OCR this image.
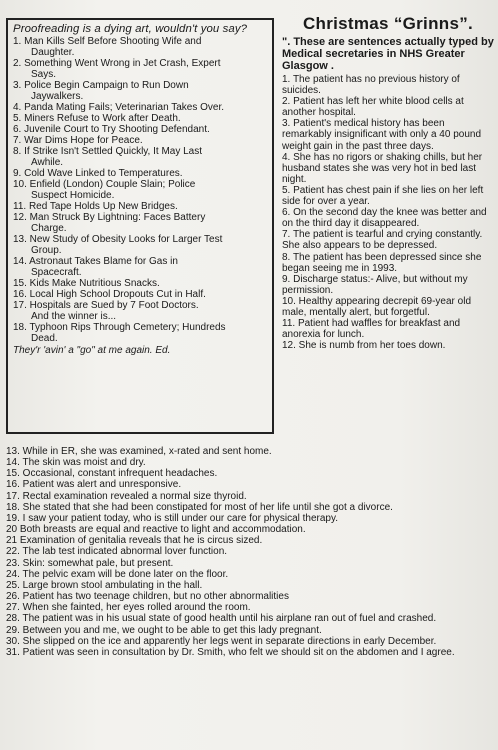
Proofreading is a dying art, wouldn't you say?
1. Man Kills Self Before Shooting Wife and
Daughter.
2. Something Went Wrong in Jet Crash, Expert
Says.
3. Police Begin Campaign to Run Down
Jaywalkers.
4. Panda Mating Fails; Veterinarian Takes Over.
5. Miners Refuse to Work after Death.
6. Juvenile Court to Try Shooting Defendant.
7. War Dims Hope for Peace.
8. If Strike Isn't Settled Quickly, It May Last
Awhile.
9. Cold Wave Linked to Temperatures.
10. Enfield (London) Couple Slain; Police
Suspect Homicide.
11. Red Tape Holds Up New Bridges.
12. Man Struck By Lightning: Faces Battery
Charge.
13. New Study of Obesity Looks for Larger Test
Group.
14. Astronaut Takes Blame for Gas in
Spacecraft.
15. Kids Make Nutritious Snacks.
16. Local High School Dropouts Cut in Half.
17. Hospitals are Sued by 7 Foot Doctors.
And the winner is...
18. Typhoon Rips Through Cemetery; Hundreds
Dead.
They'r 'avin' a "go" at me again. Ed.
Christmas “Grinns”.
". These are sentences actually typed by Medical secretaries in NHS Greater Glasgow .

1. The patient has no previous history of suicides.

2. Patient has left her white blood cells at another hospital.

3. Patient's medical history has been remarkably insignificant with only a 40 pound weight gain in the past three days.

4. She has no rigors or shaking chills, but her husband states she was very hot in bed last night.

5. Patient has chest pain if she lies on her left side for over a year.

6. On the second day the knee was better and on the third day it disappeared.

7. The patient is tearful and crying constantly. She also appears to be depressed.

8. The patient has been depressed since she began seeing me in 1993.

9. Discharge status:- Alive, but without my permission.

10. Healthy appearing decrepit 69-year old male, mentally alert, but forgetful.

11. Patient had waffles for breakfast and anorexia for lunch.

12. She is numb from her toes down.

13. While in ER, she was examined, x-rated and sent home.

14. The skin was moist and dry.

15. Occasional, constant infrequent headaches.

16. Patient was alert and unresponsive.

17. Rectal examination revealed a normal size thyroid.

18. She stated that she had been constipated for most of her life until she got a divorce.

19. I saw your patient today, who is still under our care for physical therapy.

20 Both breasts are equal and reactive to light and accommodation.

21 Examination of genitalia reveals that he is circus sized.

22. The lab test indicated abnormal lover function.

23. Skin: somewhat pale, but present.

24. The pelvic exam will be done later on the floor.

25. Large brown stool ambulating in the hall.

26. Patient has two teenage children, but no other abnormalities

27. When she fainted, her eyes rolled around the room.

28. The patient was in his usual state of good health until his airplane ran out of fuel and crashed.

29. Between you and me, we ought to be able to get this lady pregnant.

30. She slipped on the ice and apparently her legs went in separate directions in early December.

31. Patient was seen in consultation by Dr. Smith, who felt we should sit on the abdomen and I agree.
